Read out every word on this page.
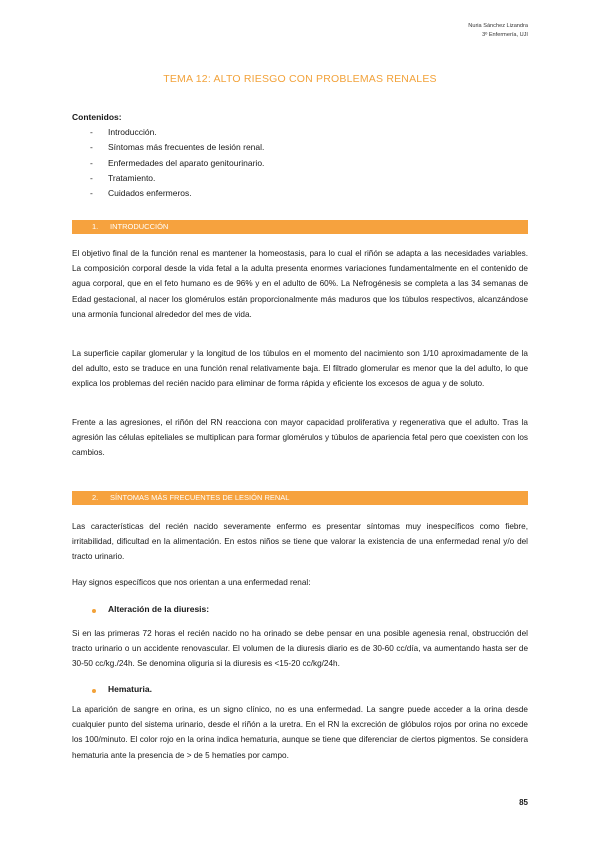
Nuria Sánchez Lizandra
3º Enfermería, UJI
TEMA 12: ALTO RIESGO CON PROBLEMAS RENALES
Contenidos:
- Introducción.
- Síntomas más frecuentes de lesión renal.
- Enfermedades del aparato genitourinario.
- Tratamiento.
- Cuidados enfermeros.
1. INTRODUCCIÓN

El objetivo final de la función renal es mantener la homeostasis, para lo cual el riñón se adapta a las necesidades variables. La composición corporal desde la vida fetal a la adulta presenta enormes variaciones fundamentalmente en el contenido de agua corporal, que en el feto humano es de 96% y en el adulto de 60%. La Nefrogénesis se completa a las 34 semanas de Edad gestacional, al nacer los glomérulos están proporcionalmente más maduros que los túbulos respectivos, alcanzándose una armonía funcional alrededor del mes de vida.

La superficie capilar glomerular y la longitud de los túbulos en el momento del nacimiento son 1/10 aproximadamente de la del adulto, esto se traduce en una función renal relativamente baja. El filtrado glomerular es menor que la del adulto, lo que explica los problemas del recién nacido para eliminar de forma rápida y eficiente los excesos de agua y de soluto.

Frente a las agresiones, el riñón del RN reacciona con mayor capacidad proliferativa y regenerativa que el adulto. Tras la agresión las células epiteliales se multiplican para formar glomérulos y túbulos de apariencia fetal pero que coexisten con los cambios.

2. SÍNTOMAS MÁS FRECUENTES DE LESIÓN RENAL

Las características del recién nacido severamente enfermo es presentar síntomas muy inespecíficos como fiebre, irritabilidad, dificultad en la alimentación. En estos niños se tiene que valorar la existencia de una enfermedad renal y/o del tracto urinario.

Hay signos específicos que nos orientan a una enfermedad renal:

Alteración de la diuresis:

Si en las primeras 72 horas el recién nacido no ha orinado se debe pensar en una posible agenesia renal, obstrucción del tracto urinario o un accidente renovascular. El volumen de la diuresis diario es de 30-60 cc/día, va aumentando hasta ser de 30-50 cc/kg./24h. Se denomina oliguria si la diuresis es <15-20 cc/kg/24h.

Hematuria.

La aparición de sangre en orina, es un signo clínico, no es una enfermedad. La sangre puede acceder a la orina desde cualquier punto del sistema urinario, desde el riñón a la uretra. En el RN la excreción de glóbulos rojos por orina no excede los 100/minuto. El color rojo en la orina indica hematuria, aunque se tiene que diferenciar de ciertos pigmentos. Se considera hematuria ante la presencia de > de 5 hematíes por campo.

85
